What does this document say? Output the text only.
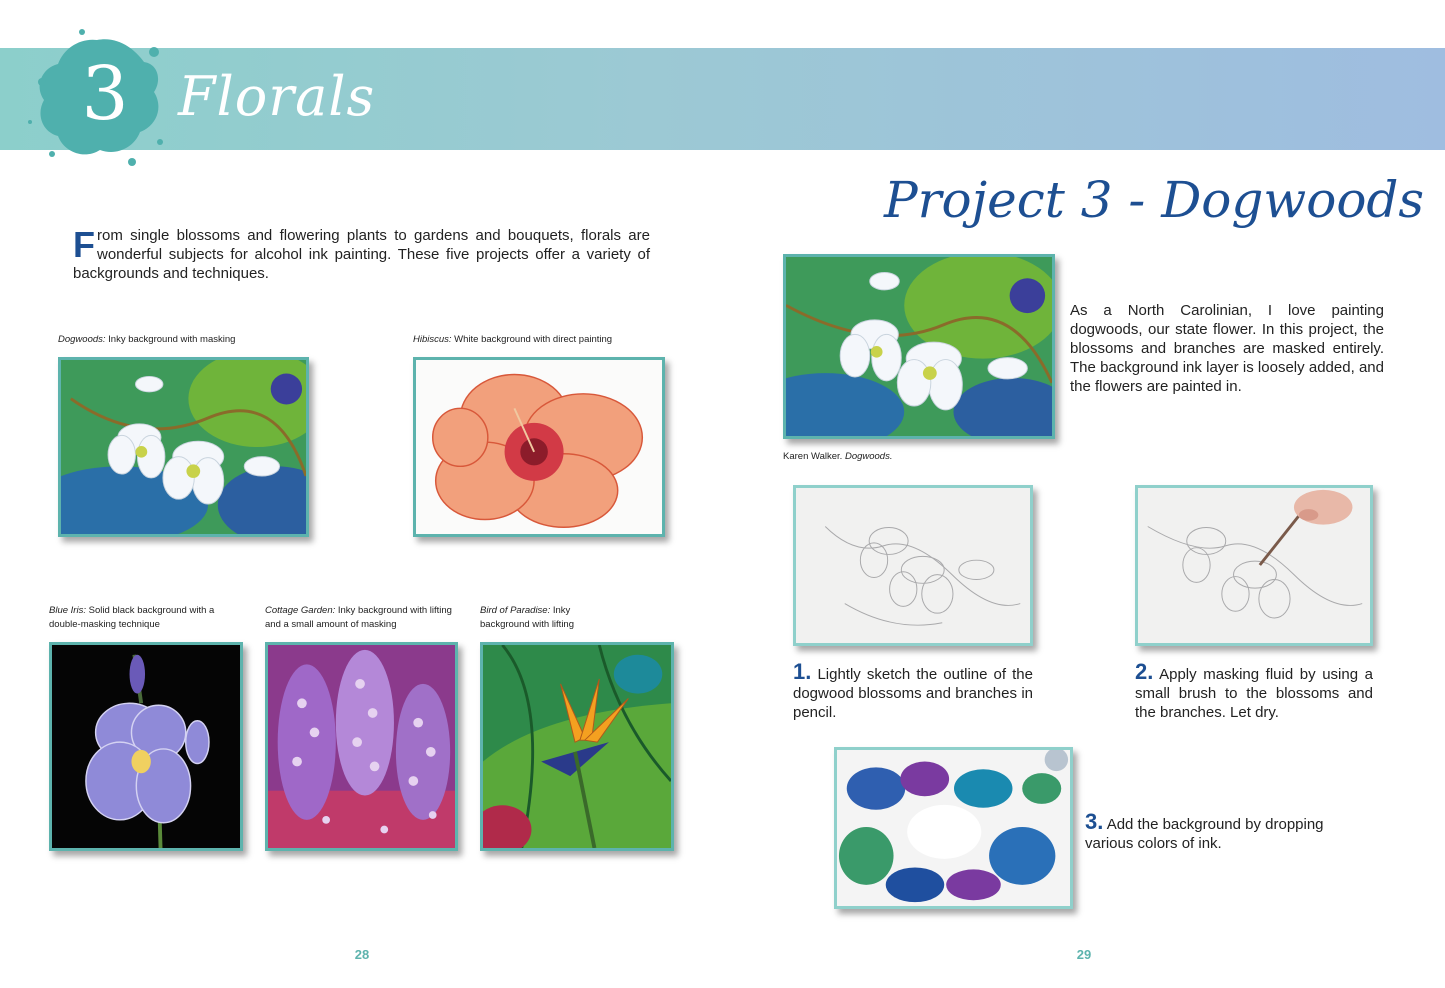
3 Florals
From single blossoms and flowering plants to gardens and bouquets, florals are wonderful subjects for alcohol ink painting. These five projects offer a variety of backgrounds and techniques.
Dogwoods: Inky background with masking	Hibiscus: White background with direct painting
Blue Iris: Solid black background with a double-masking technique
Cottage Garden: Inky background with lifting and a small amount of masking
Bird of Paradise: Inky background with lifting
Project 3 - Dogwoods
Karen Walker. Dogwoods.
As a North Carolinian, I love painting dogwoods, our state flower. In this project, the blossoms and branches are masked entirely. The background ink layer is loosely added, and the flowers are painted in.
1. Lightly sketch the outline of the dogwood blossoms and branches in pencil.
2. Apply masking fluid by using a small brush to the blossoms and the branches. Let dry.
3. Add the background by dropping various colors of ink.
28	29
